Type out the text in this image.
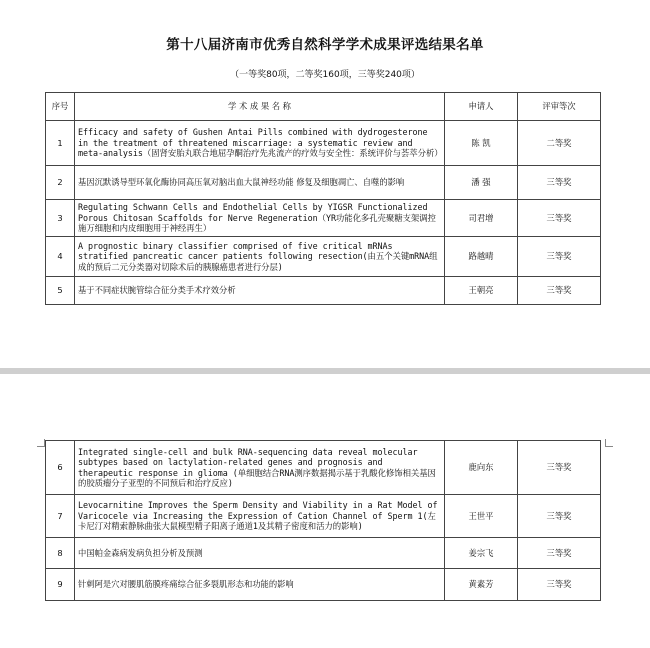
第十八届济南市优秀自然科学学术成果评选结果名单
（一等奖80项，二等奖160项，三等奖240项）
序号	学 术 成 果 名 称	申请人	评审等次
1	Efficacy and safety of Gushen Antai Pills combined with dydrogesterone in the treatment of threatened miscarriage: a systematic review and meta-analysis（固肾安胎丸联合地屈孕酮治疗先兆流产的疗效与安全性：系统评价与荟萃分析）	陈 凯	二等奖
2	基因沉默诱导型环氧化酶协同高压氧对脑出血大鼠神经功能 修复及细胞凋亡、自噬的影响	潘 强	三等奖
3	Regulating Schwann Cells and Endothelial Cells by YIGSR Functionalized Porous Chitosan Scaffolds for Nerve Regeneration（YR功能化多孔壳聚糖支架调控施万细胞和内皮细胞用于神经再生）	司君增	三等奖
4	A prognostic binary classifier comprised of five critical mRNAs stratified pancreatic cancer patients following resection(由五个关键mRNA组成的预后二元分类器对切除术后的胰腺癌患者进行分层)	路越晴	三等奖
5	基于不同症状腕管综合征分类手术疗效分析	王朝亮	三等奖
6	Integrated single-cell and bulk RNA-sequencing data reveal molecular subtypes based on lactylation-related genes and prognosis and therapeutic response in glioma (单细胞结合RNA测序数据揭示基于乳酸化修饰相关基因的胶质瘤分子亚型的不同预后和治疗反应)	鹿向东	三等奖
7	Levocarnitine Improves the Sperm Density and Viability in a Rat Model of Varicocele via Increasing the Expression of Cation Channel of Sperm 1(左卡尼汀对精索静脉曲张大鼠模型精子阳离子通道1及其精子密度和活力的影响)	王世平	三等奖
8	中国帕金森病发病负担分析及预测	姜宗飞	三等奖
9	针刺阿是穴对腰肌筋膜疼痛综合征多裂肌形态和功能的影响	黄素芳	三等奖
